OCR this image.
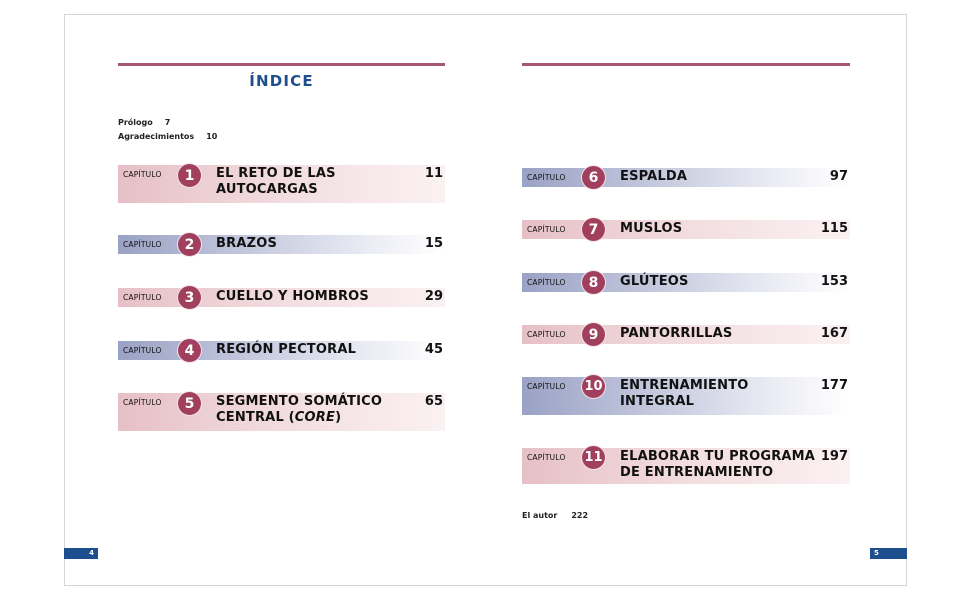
ÍNDICE
Prólogo 7
Agradecimientos 10
CAPÍTULO	1	EL RETO DE LAS
AUTOCARGAS
11
CAPÍTULO	2	BRAZOS	15
CAPÍTULO	3	CUELLO Y HOMBROS	29
CAPÍTULO	4	REGIÓN PECTORAL	45
CAPÍTULO	5	SEGMENTO SOMÁTICO
CENTRAL (CORE)
65
CAPÍTULO	6	ESPALDA	97
CAPÍTULO	7	MUSLOS	115
CAPÍTULO	8	GLÚTEOS	153
CAPÍTULO	9	PANTORRILLAS	167
CAPÍTULO 10 ENTRENAMIENTO
INTEGRAL
177
CAPÍTULO 11 ELABORAR TU PROGRAMA
DE ENTRENAMIENTO
197
El autor 222
4	5
